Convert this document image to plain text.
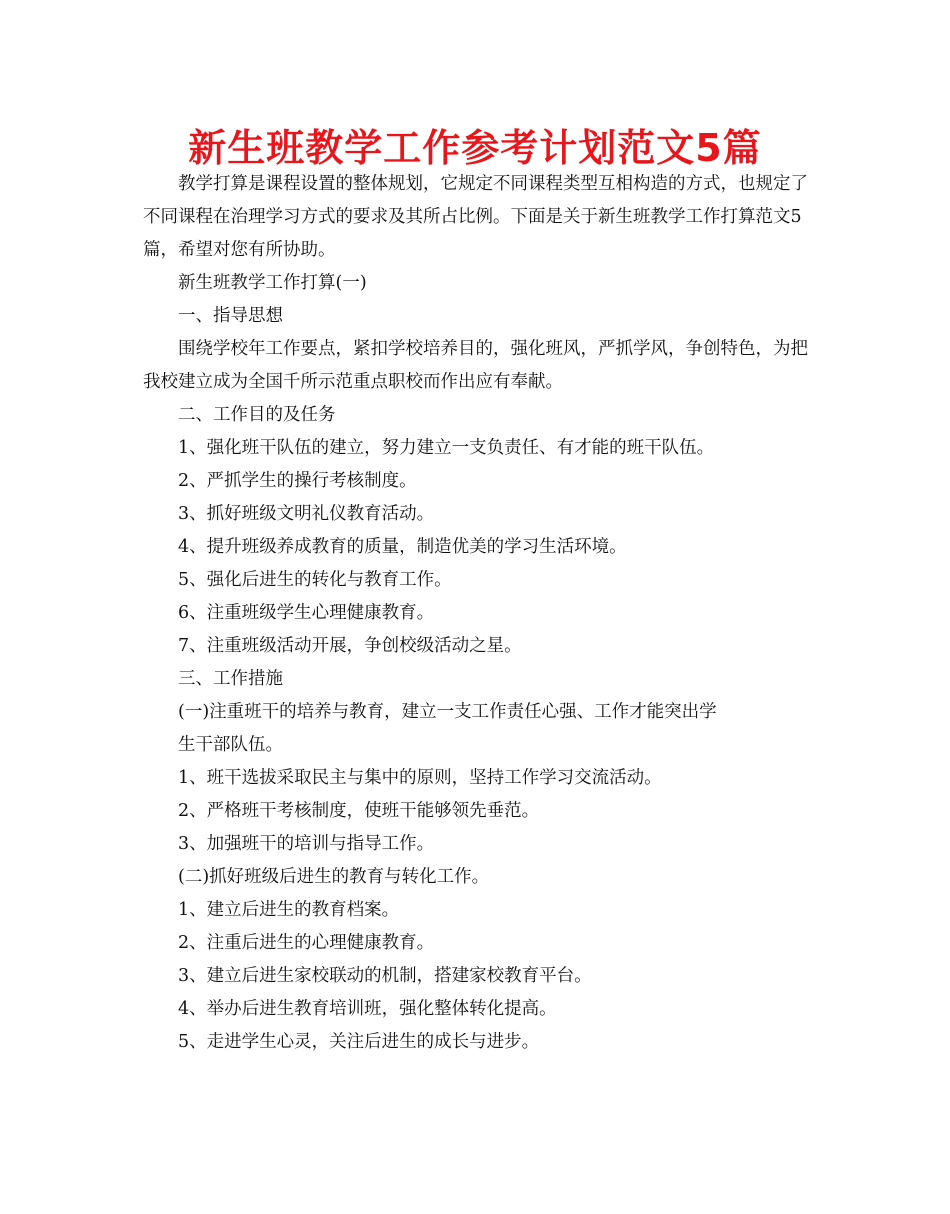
新生班教学工作参考计划范文5篇

教学打算是课程设置的整体规划，它规定不同课程类型互相构造的方式，也规定了不同课程在治理学习方式的要求及其所占比例。下面是关于新生班教学工作打算范文5篇，希望对您有所协助。

新生班教学工作打算(一)

一、指导思想

围绕学校年工作要点，紧扣学校培养目的，强化班风，严抓学风，争创特色，为把我校建立成为全国千所示范重点职校而作出应有奉献。

二、工作目的及任务

1、强化班干队伍的建立，努力建立一支负责任、有才能的班干队伍。

2、严抓学生的操行考核制度。

3、抓好班级文明礼仪教育活动。

4、提升班级养成教育的质量，制造优美的学习生活环境。

5、强化后进生的转化与教育工作。

6、注重班级学生心理健康教育。

7、注重班级活动开展，争创校级活动之星。

三、工作措施

(一)注重班干的培养与教育，建立一支工作责任心强、工作才能突出学

生干部队伍。

1、班干选拔采取民主与集中的原则，坚持工作学习交流活动。

2、严格班干考核制度，使班干能够领先垂范。

3、加强班干的培训与指导工作。

(二)抓好班级后进生的教育与转化工作。

1、建立后进生的教育档案。

2、注重后进生的心理健康教育。

3、建立后进生家校联动的机制，搭建家校教育平台。

4、举办后进生教育培训班，强化整体转化提高。

5、走进学生心灵，关注后进生的成长与进步。
